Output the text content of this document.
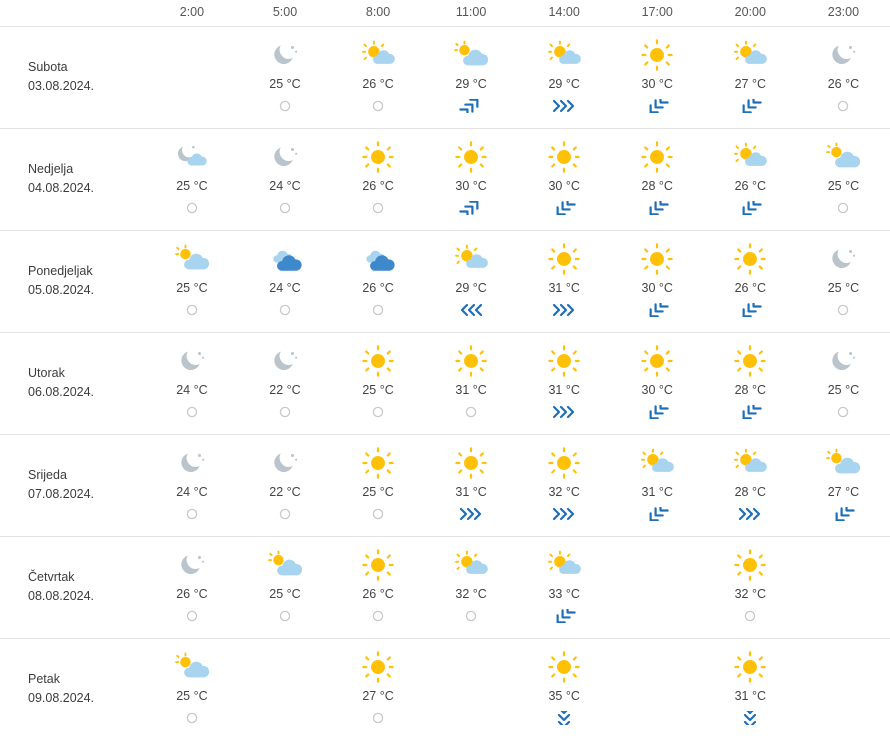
	2:00	5:00	8:00	11:00	14:00	17:00	20:00	23:00

Subota
03.08.2024.		25 °C	26 °C	29 °C	29 °C	30 °C	27 °C	26 °C

Nedjelja
04.08.2024.	25 °C	24 °C	26 °C	30 °C	30 °C	28 °C	26 °C	25 °C

Ponedjeljak
05.08.2024.	25 °C	24 °C	26 °C	29 °C	31 °C	30 °C	26 °C	25 °C

Utorak
06.08.2024.	24 °C	22 °C	25 °C	31 °C	31 °C	30 °C	28 °C	25 °C

Srijeda
07.08.2024.	24 °C	22 °C	25 °C	31 °C	32 °C	31 °C	28 °C	27 °C

Četvrtak
08.08.2024.	26 °C	25 °C	26 °C	32 °C	33 °C		32 °C	

Petak
09.08.2024.	25 °C		27 °C		35 °C		31 °C	
